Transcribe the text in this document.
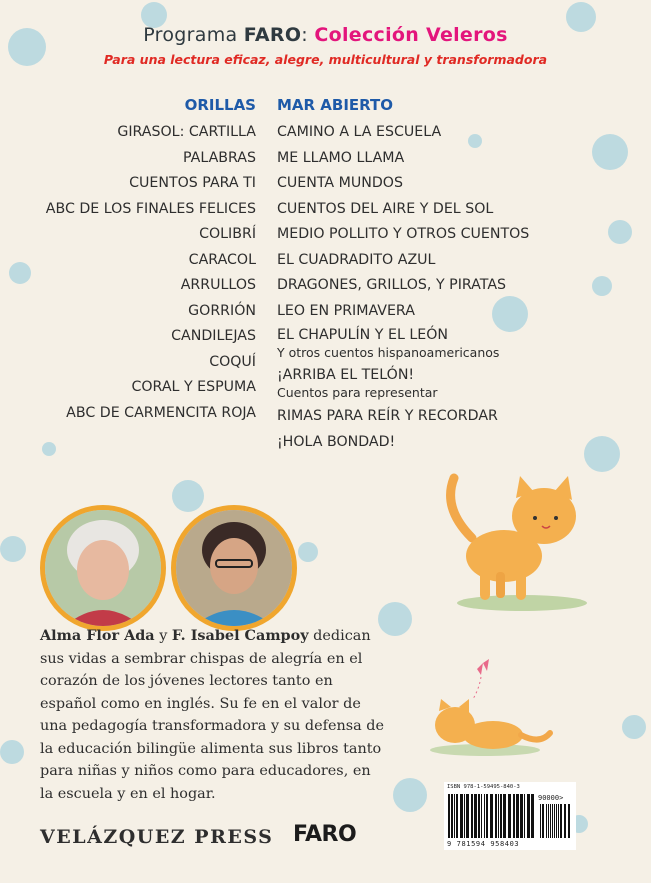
Programa FARO: Colección Veleros
Para una lectura eficaz, alegre, multicultural y transformadora
ORILLAS
GIRASOL: CARTILLA
PALABRAS
CUENTOS PARA TI
ABC DE LOS FINALES FELICES
COLIBRÍ
CARACOL
ARRULLOS
GORRIÓN
CANDILEJAS
COQUÍ
CORAL Y ESPUMA
ABC DE CARMENCITA ROJA
MAR ABIERTO
CAMINO A LA ESCUELA
ME LLAMO LLAMA
CUENTA MUNDOS
CUENTOS DEL AIRE Y DEL SOL
MEDIO POLLITO Y OTROS CUENTOS
EL CUADRADITO AZUL
DRAGONES, GRILLOS, Y PIRATAS
LEO EN PRIMAVERA
EL CHAPULÍN Y EL LEÓN
Y otros cuentos hispanoamericanos
¡ARRIBA EL TELÓN!
Cuentos para representar
RIMAS PARA REÍR Y RECORDAR
¡HOLA BONDAD!
Alma Flor Ada y F. Isabel Campoy dedican sus vidas a sembrar chispas de alegría en el corazón de los jóvenes lectores tanto en español como en inglés. Su fe en el valor de una pedagogía transformadora y su defensa de la educación bilingüe alimenta sus libros tanto para niñas y niños como para educadores, en la escuela y en el hogar.
VELÁZQUEZ PRESS FARO
ISBN 978-1-59495-840-3
90000>
9 781594 958403
